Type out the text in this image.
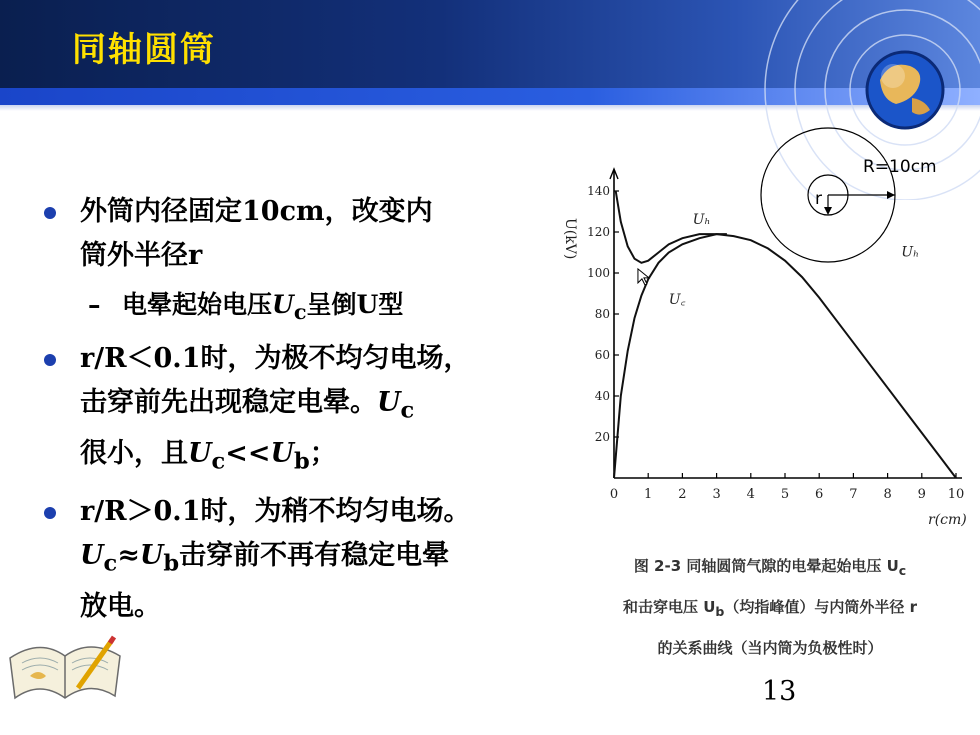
同轴圆筒
外筒内径固定10cm，改变内
筒外半径r
– 电晕起始电压$U_c$呈倒U型
r/R＜0.1时，为极不均匀电场，
击穿前先出现稳定电晕。$U_c$
很小，且$U_c<<U_b$；
r/R＞0.1时，为稍不均匀电场。
$U_c\approx U_b$击穿前不再有稳定电晕
放电。
R=10cm
r
0 1 2 3 4 5 6 7 8 9 10
20
40
60
80
100
120
140
U(kV)
r(cm)
Uₕ
Uₕ
U꜀
图 2-3 同轴圆筒气隙的电晕起始电压 $U_c$
和击穿电压 $U_b$（均指峰值）与内筒外半径 r
的关系曲线（当内筒为负极性时）
13
